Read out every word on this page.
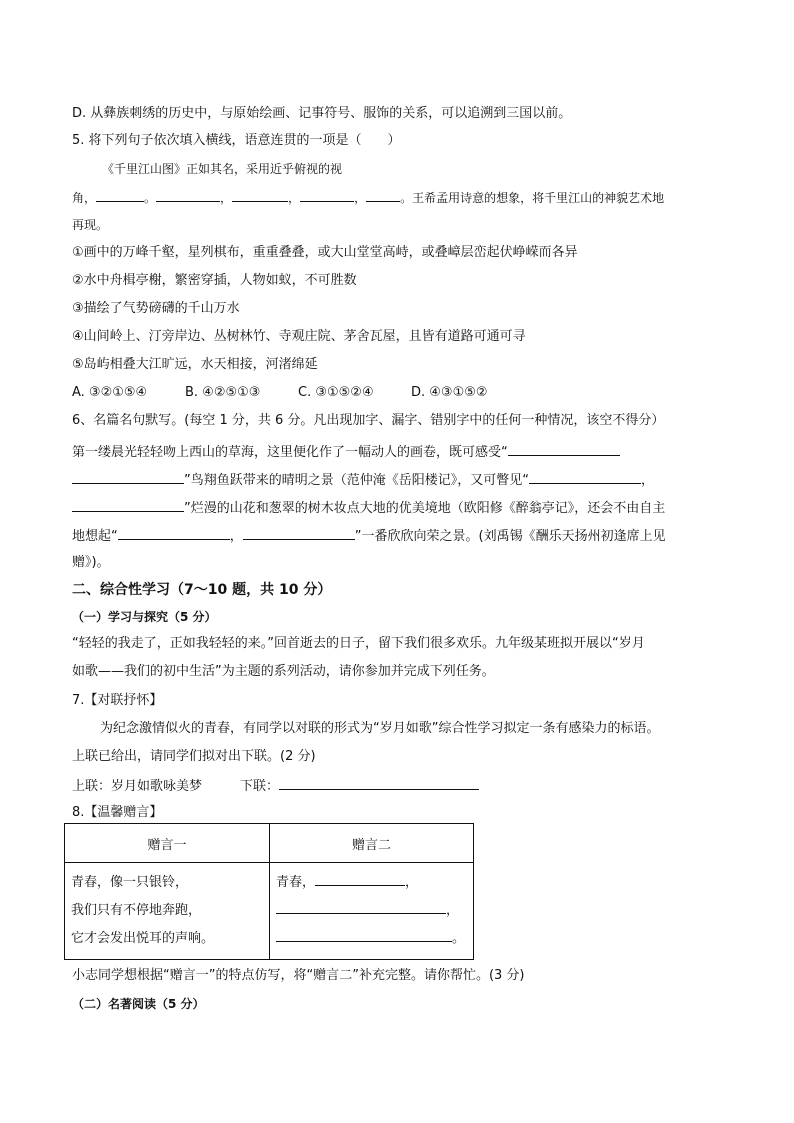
D. 从彝族刺绣的历史中，与原始绘画、记事符号、服饰的关系，可以追溯到三国以前。
5. 将下列句子依次填入横线，语意连贯的一项是（　　）
《千里江山图》正如其名，采用近乎俯视的视
角，	。	，	，	，	。王希孟用诗意的想象，将千里江山的神貌艺术地
再现。
①画中的万峰千壑，星列棋布，重重叠叠，或大山堂堂高峙，或叠嶂层峦起伏峥嵘而各异
②水中舟楫亭榭，繁密穿插，人物如蚁，不可胜数
③描绘了气势磅礴的千山万水
④山间岭上、汀旁岸边、丛树林竹、寺观庄院、茅舍瓦屋，且皆有道路可通可寻
⑤岛屿相叠大江旷远，水天相接，河渚绵延
A. ③②①⑤④	B. ④②⑤①③	C. ③①⑤②④	D. ④③①⑤②
6、名篇名句默写。(每空 1 分，共 6 分。凡出现加字、漏字、错别字中的任何一种情况，该空不得分）
第一缕晨光轻轻吻上西山的草海，这里便化作了一幅动人的画卷，既可感受“
”鸟翔鱼跃带来的晴明之景（范仲淹《岳阳楼记》，又可瞥见“	，
”烂漫的山花和葱翠的树木妆点大地的优美境地（欧阳修《醉翁亭记》，还会不由自主
地想起“	，	”一番欣欣向荣之景。(刘禹锡《酬乐天扬州初逢席上见
赠》)。
二、综合性学习（7～10 题，共 10 分）
（一）学习与探究（5 分）
“轻轻的我走了，正如我轻轻的来。”回首逝去的日子，留下我们很多欢乐。九年级某班拟开展以“岁月
如歌——我们的初中生活”为主题的系列活动，请你参加并完成下列任务。
7.【对联抒怀】
为纪念激情似火的青春，有同学以对联的形式为“岁月如歌”综合性学习拟定一条有感染力的标语。
上联已给出，请同学们拟对出下联。(2 分)
上联：岁月如歌咏美梦	下联：
8.【温馨赠言】
赠言一	赠言二

青春，像一只银铃，
我们只有不停地奔跑，
它才会发出悦耳的声响。	青春， ，
，
。
小志同学想根据“赠言一”的特点仿写，将“赠言二”补充完整。请你帮忙。(3 分)
（二）名著阅读（5 分）
